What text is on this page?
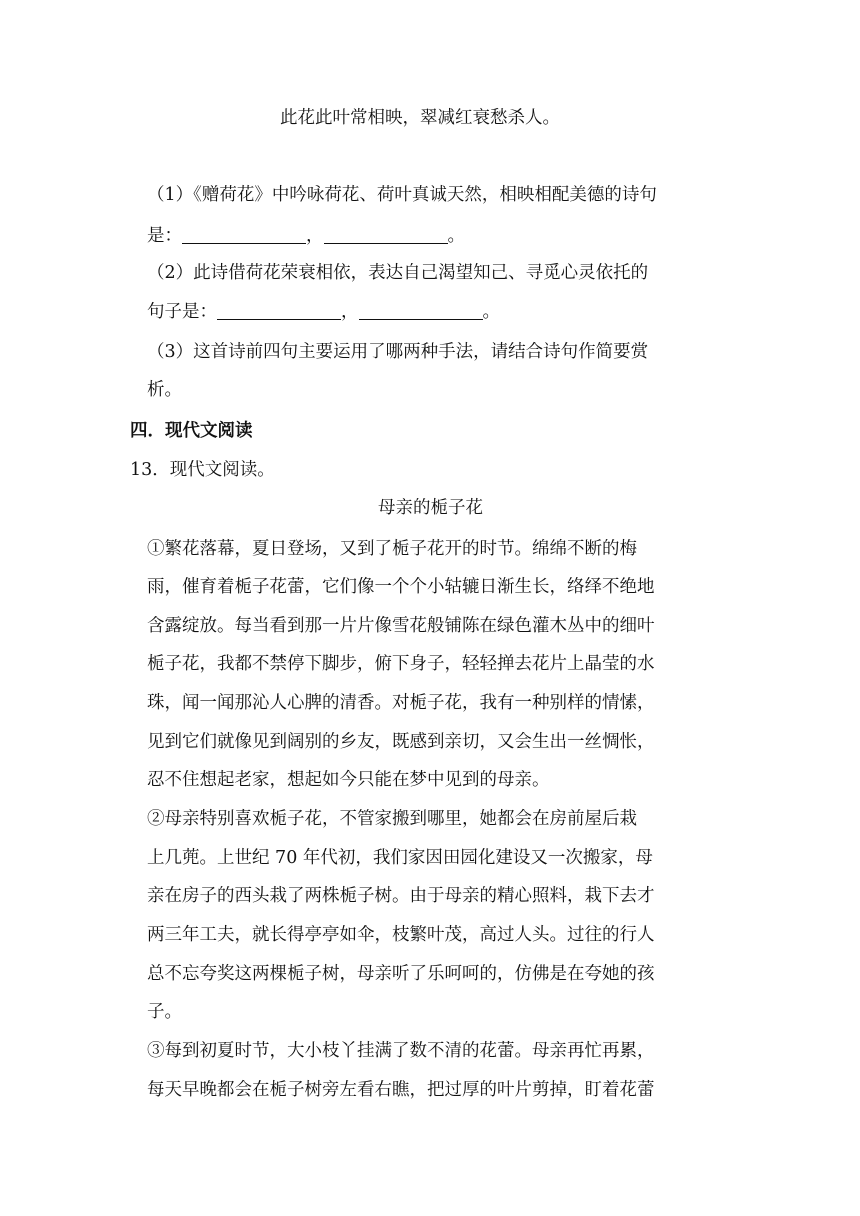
此花此叶常相映，翠减红衰愁杀人。
（1）《赠荷花》中吟咏荷花、荷叶真诚天然，相映相配美德的诗句
是：	，	。
（2）此诗借荷花荣衰相依，表达自己渴望知己、寻觅心灵依托的
句子是：	，	。
（3）这首诗前四句主要运用了哪两种手法，请结合诗句作简要赏
析。
四．现代文阅读
13．现代文阅读。
母亲的栀子花
①繁花落幕，夏日登场，又到了栀子花开的时节。绵绵不断的梅
雨，催育着栀子花蕾，它们像一个个小轱辘日渐生长，络绎不绝地
含露绽放。每当看到那一片片像雪花般铺陈在绿色灌木丛中的细叶
栀子花，我都不禁停下脚步，俯下身子，轻轻掸去花片上晶莹的水
珠，闻一闻那沁人心脾的清香。对栀子花，我有一种别样的情愫，
见到它们就像见到阔别的乡友，既感到亲切，又会生出一丝惆怅，
忍不住想起老家，想起如今只能在梦中见到的母亲。
②母亲特别喜欢栀子花，不管家搬到哪里，她都会在房前屋后栽
上几蔸。上世纪 70 年代初，我们家因田园化建设又一次搬家，母
亲在房子的西头栽了两株栀子树。由于母亲的精心照料，栽下去才
两三年工夫，就长得亭亭如伞，枝繁叶茂，高过人头。过往的行人
总不忘夸奖这两棵栀子树，母亲听了乐呵呵的，仿佛是在夸她的孩
子。
③每到初夏时节，大小枝丫挂满了数不清的花蕾。母亲再忙再累，
每天早晚都会在栀子树旁左看右瞧，把过厚的叶片剪掉，盯着花蕾
